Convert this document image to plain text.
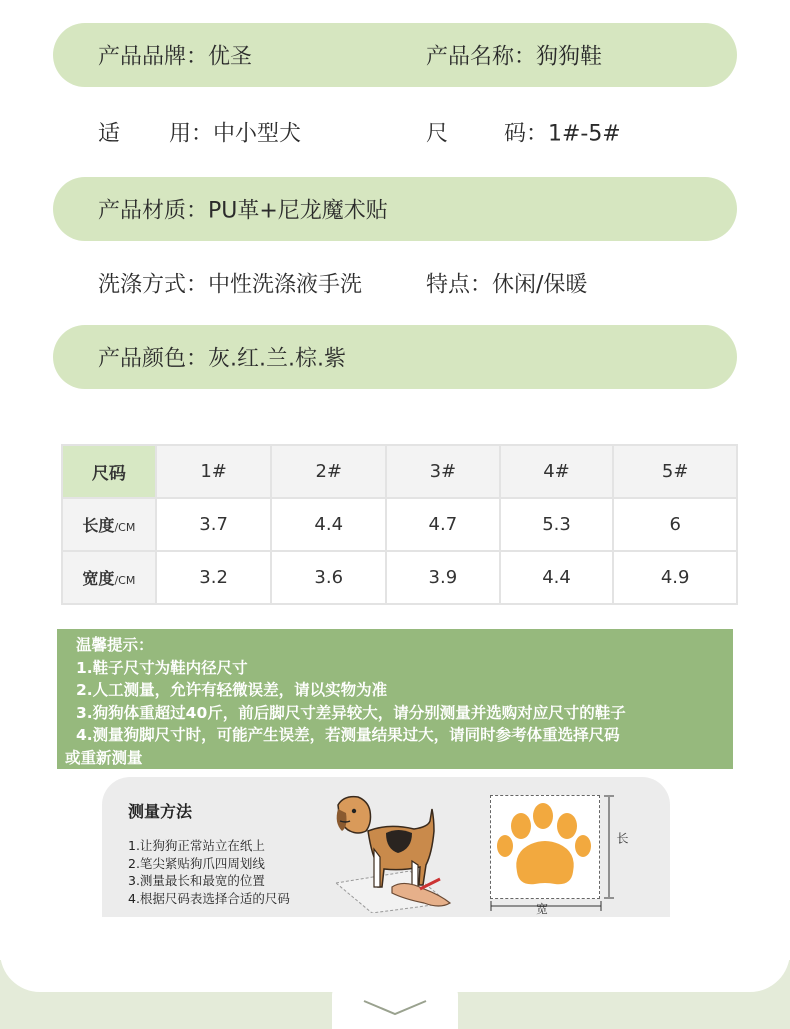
产品品牌：优圣	产品名称：狗狗鞋
适       用：中小型犬	尺        码：1#-5#
产品材质：PU革+尼龙魔术贴
洗涤方式：中性洗涤液手洗	特点：休闲/保暖
产品颜色：灰.红.兰.棕.紫
尺码	1#	2#	3#	4#	5#
长度/CM	3.7	4.4	4.7	5.3	6
宽度/CM	3.2	3.6	3.9	4.4	4.9
温馨提示：
1.鞋子尺寸为鞋内径尺寸
2.人工测量，允许有轻微误差，请以实物为准
3.狗狗体重超过40斤，前后脚尺寸差异较大，请分别测量并选购对应尺寸的鞋子
4.测量狗脚尺寸时，可能产生误差，若测量结果过大，请同时参考体重选择尺码
或重新测量
测量方法
1.让狗狗正常站立在纸上
2.笔尖紧贴狗爪四周划线
3.测量最长和最宽的位置
4.根据尺码表选择合适的尺码
长
宽
